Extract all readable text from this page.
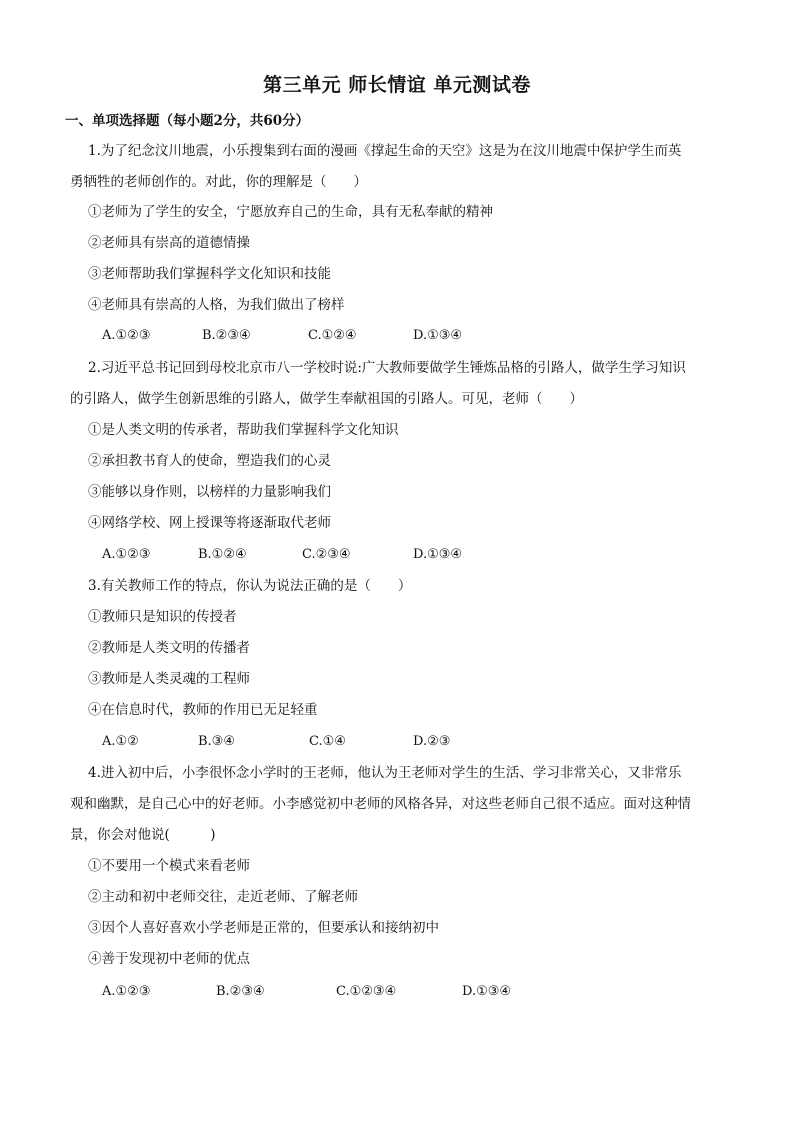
第三单元 师长情谊 单元测试卷
一、单项选择题（每小题2分，共60分）
1.为了纪念汶川地震，小乐搜集到右面的漫画《撑起生命的天空》这是为在汶川地震中保护学生而英
勇牺牲的老师创作的。对此，你的理解是（　　）
①老师为了学生的安全，宁愿放弃自己的生命，具有无私奉献的精神
②老师具有崇高的道德情操
③老师帮助我们掌握科学文化知识和技能
④老师具有崇高的人格，为我们做出了榜样
A.①②③	B.②③④	C.①②④	D.①③④
2.习近平总书记回到母校北京市八一学校时说:广大教师要做学生锤炼品格的引路人，做学生学习知识
的引路人，做学生创新思维的引路人，做学生奉献祖国的引路人。可见，老师（　　）
①是人类文明的传承者，帮助我们掌握科学文化知识
②承担教书育人的使命，塑造我们的心灵
③能够以身作则，以榜样的力量影响我们
④网络学校、网上授课等将逐渐取代老师
A.①②③	B.①②④	C.②③④	D.①③④
3.有关教师工作的特点，你认为说法正确的是（　　）
①教师只是知识的传授者
②教师是人类文明的传播者
③教师是人类灵魂的工程师
④在信息时代，教师的作用已无足轻重
A.①②	B.③④	C.①④	D.②③
4.进入初中后，小李很怀念小学时的王老师，他认为王老师对学生的生活、学习非常关心，又非常乐
观和幽默，是自己心中的好老师。小李感觉初中老师的风格各异，对这些老师自己很不适应。面对这种情
景，你会对他说(　　　)
①不要用一个模式来看老师
②主动和初中老师交往，走近老师、了解老师
③因个人喜好喜欢小学老师是正常的，但要承认和接纳初中
④善于发现初中老师的优点
A.①②③	B.②③④	C.①②③④	D.①③④
